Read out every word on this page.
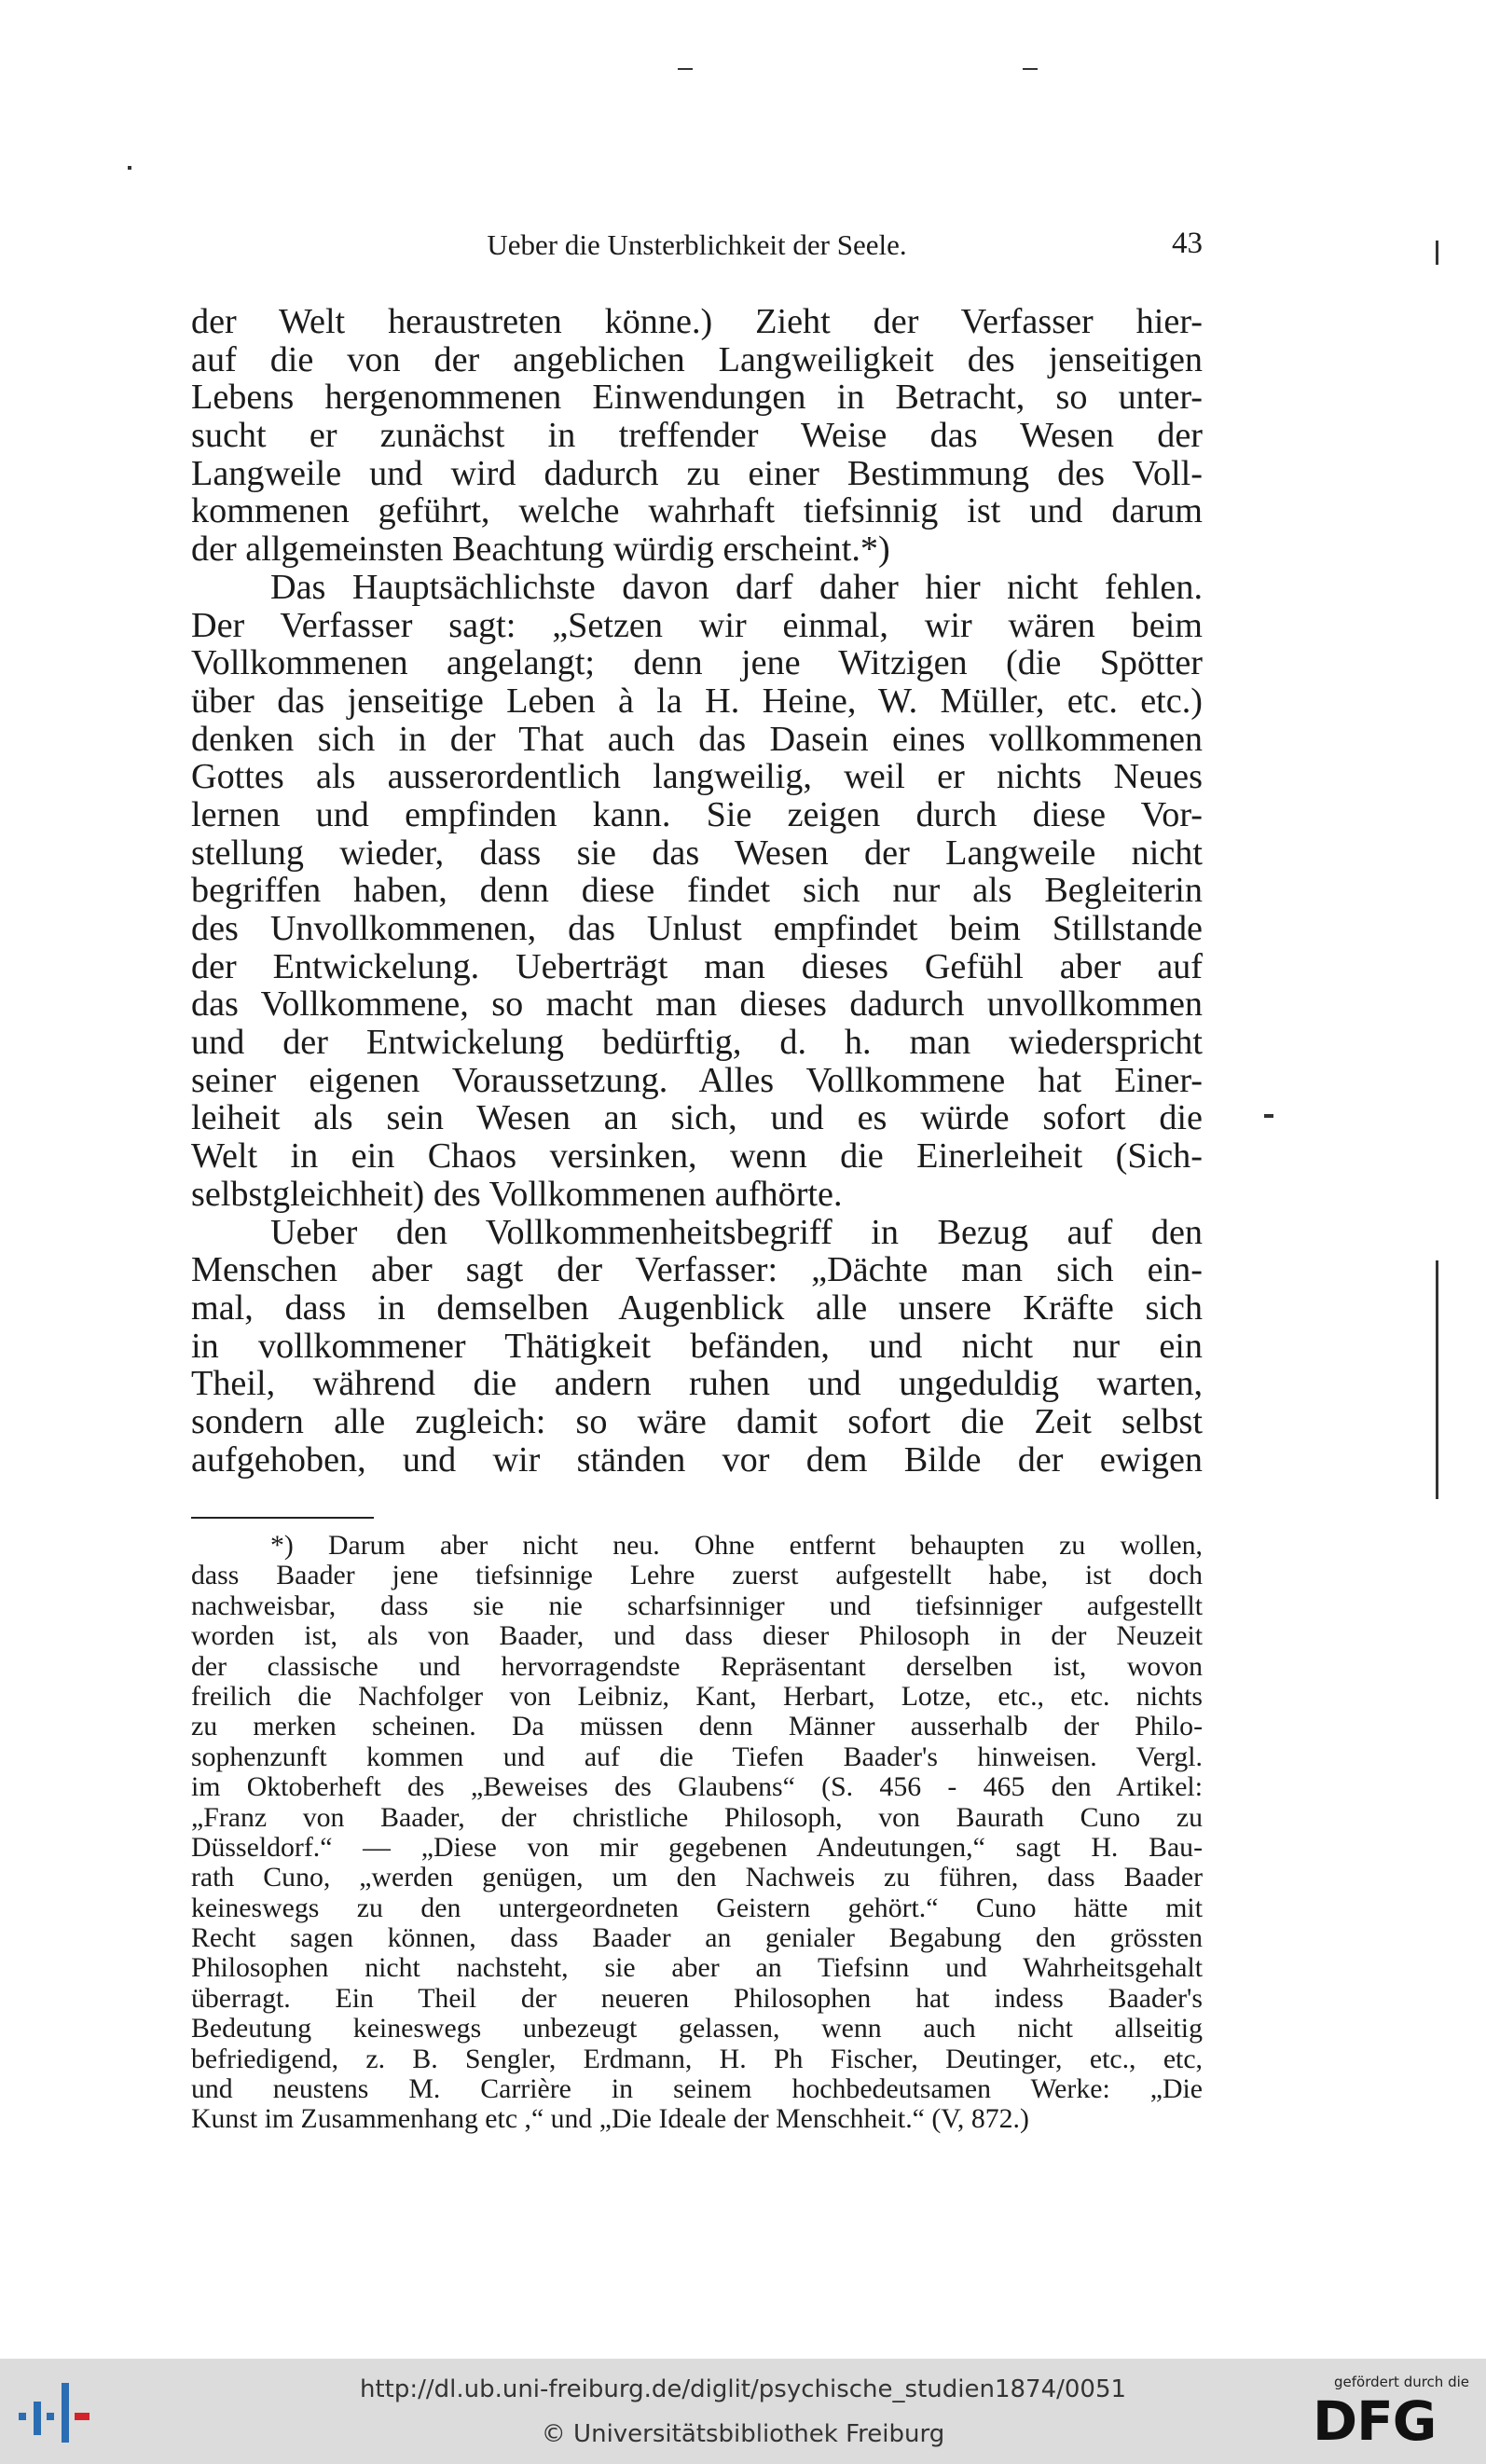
Ueber die Unsterblichkeit der Seele.	43
der Welt heraustreten könne.) Zieht der Verfasser hier-
auf die von der angeblichen Langweiligkeit des jenseitigen
Lebens hergenommenen Einwendungen in Betracht, so unter-
sucht er zunächst in treffender Weise das Wesen der
Langweile und wird dadurch zu einer Bestimmung des Voll-
kommenen geführt, welche wahrhaft tiefsinnig ist und darum
der allgemeinsten Beachtung würdig erscheint.*)
Das Hauptsächlichste davon darf daher hier nicht fehlen.
Der Verfasser sagt: „Setzen wir einmal, wir wären beim
Vollkommenen angelangt; denn jene Witzigen (die Spötter
über das jenseitige Leben à la H. Heine, W. Müller, etc. etc.)
denken sich in der That auch das Dasein eines vollkommenen
Gottes als ausserordentlich langweilig, weil er nichts Neues
lernen und empfinden kann. Sie zeigen durch diese Vor-
stellung wieder, dass sie das Wesen der Langweile nicht
begriffen haben, denn diese findet sich nur als Begleiterin
des Unvollkommenen, das Unlust empfindet beim Stillstande
der Entwickelung. Ueberträgt man dieses Gefühl aber auf
das Vollkommene, so macht man dieses dadurch unvollkommen
und der Entwickelung bedürftig, d. h. man wiederspricht
seiner eigenen Voraussetzung. Alles Vollkommene hat Einer-
leiheit als sein Wesen an sich, und es würde sofort die
Welt in ein Chaos versinken, wenn die Einerleiheit (Sich-
selbstgleichheit) des Vollkommenen aufhörte.
Ueber den Vollkommenheitsbegriff in Bezug auf den
Menschen aber sagt der Verfasser: „Dächte man sich ein-
mal, dass in demselben Augenblick alle unsere Kräfte sich
in vollkommener Thätigkeit befänden, und nicht nur ein
Theil, während die andern ruhen und ungeduldig warten,
sondern alle zugleich: so wäre damit sofort die Zeit selbst
aufgehoben, und wir ständen vor dem Bilde der ewigen
*) Darum aber nicht neu. Ohne entfernt behaupten zu wollen,
dass Baader jene tiefsinnige Lehre zuerst aufgestellt habe, ist doch
nachweisbar, dass sie nie scharfsinniger und tiefsinniger aufgestellt
worden ist, als von Baader, und dass dieser Philosoph in der Neuzeit
der classische und hervorragendste Repräsentant derselben ist, wovon
freilich die Nachfolger von Leibniz, Kant, Herbart, Lotze, etc., etc. nichts
zu merken scheinen. Da müssen denn Männer ausserhalb der Philo-
sophenzunft kommen und auf die Tiefen Baader's hinweisen. Vergl.
im Oktoberheft des „Beweises des Glaubens“ (S. 456 - 465 den Artikel:
„Franz von Baader, der christliche Philosoph, von Baurath Cuno zu
Düsseldorf.“ — „Diese von mir gegebenen Andeutungen,“ sagt H. Bau-
rath Cuno, „werden genügen, um den Nachweis zu führen, dass Baader
keineswegs zu den untergeordneten Geistern gehört.“ Cuno hätte mit
Recht sagen können, dass Baader an genialer Begabung den grössten
Philosophen nicht nachsteht, sie aber an Tiefsinn und Wahrheitsgehalt
überragt. Ein Theil der neueren Philosophen hat indess Baader's
Bedeutung keineswegs unbezeugt gelassen, wenn auch nicht allseitig
befriedigend, z. B. Sengler, Erdmann, H. Ph Fischer, Deutinger, etc., etc,
und neustens M. Carrière in seinem hochbedeutsamen Werke: „Die
Kunst im Zusammenhang etc ,“ und „Die Ideale der Menschheit.“ (V, 872.)
http://dl.ub.uni-freiburg.de/diglit/psychische_studien1874/0051
© Universitätsbibliothek Freiburg
gefördert durch die
DFG
